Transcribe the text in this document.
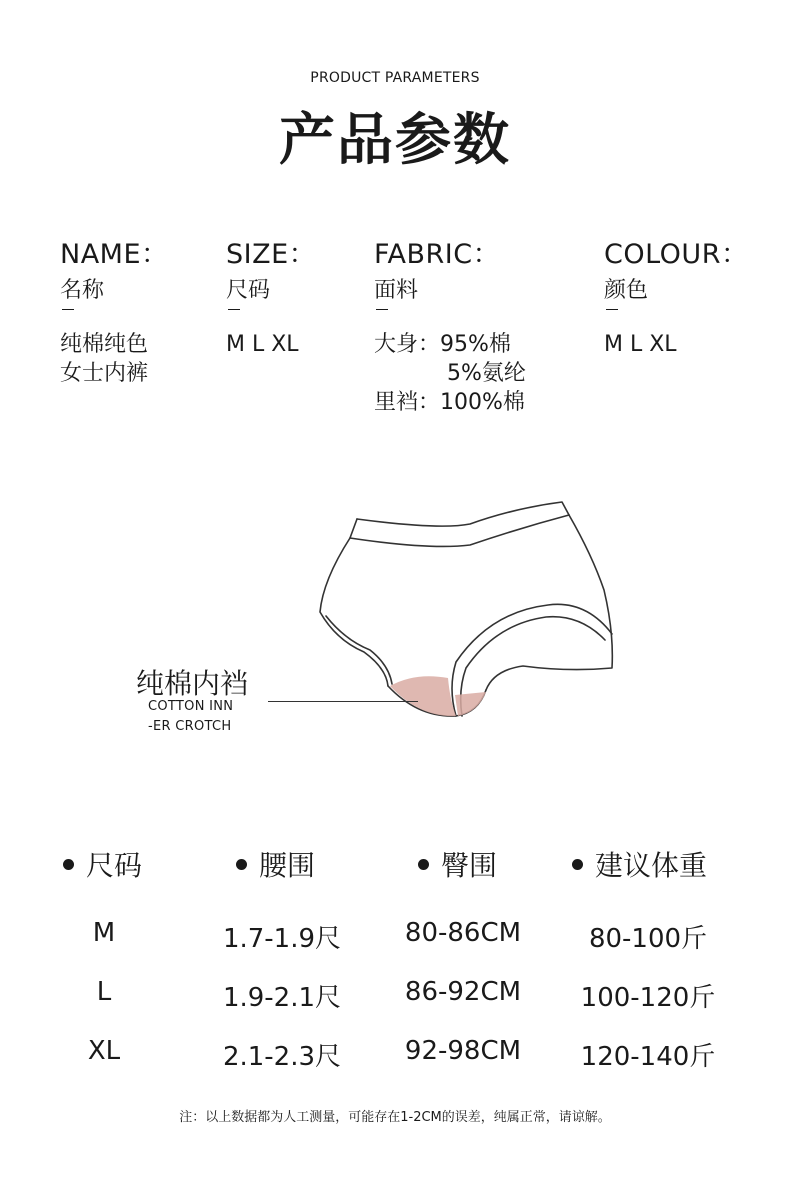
PRODUCT PARAMETERS
产品参数
NAME：
名称
纯棉纯色
女士内裤
SIZE：
尺码
M L XL
FABRIC：
面料
大身：95%棉
5%氨纶
里裆：100%棉
COLOUR：
颜色
M L XL
纯棉内裆
COTTON INN
-ER CROTCH
尺码	腰围	臀围	建议体重
M	1.7-1.9尺	80-86CM	80-100斤
L	1.9-2.1尺	86-92CM	100-120斤
XL	2.1-2.3尺	92-98CM	120-140斤
注：以上数据都为人工测量，可能存在1-2CM的误差，纯属正常，请谅解。
